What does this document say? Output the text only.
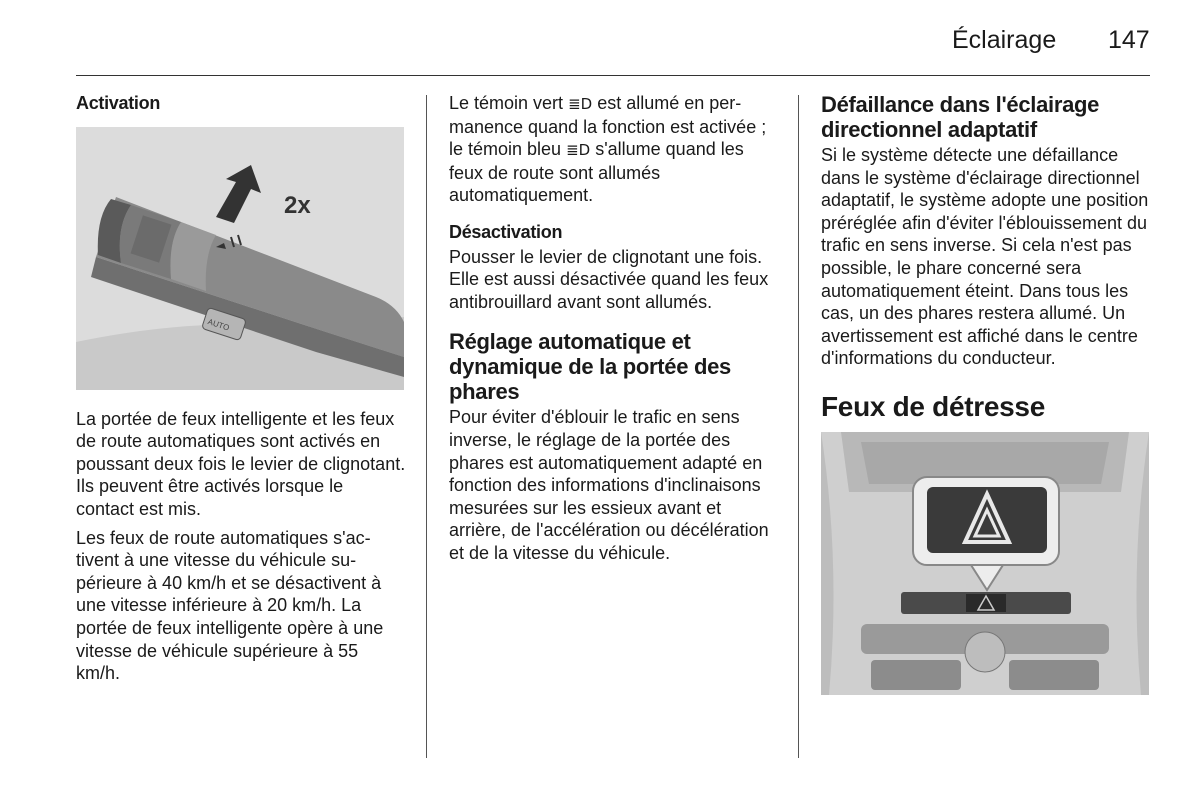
Éclairage 147
Activation
AUTO
2x

La portée de feux intelligente et les feux de route automatiques sont activés en poussant deux fois le levier de clignotant. Ils peuvent être activés lorsque le contact est mis.

Les feux de route automatiques s'activent à une vitesse du véhicule supérieure à 40 km/h et se désactivent à une vitesse inférieure à 20 km/h. La portée de feux intelligente opère à une vitesse de véhicule supérieure à 55 km/h.

Le témoin vert ≣D est allumé en permanence quand la fonction est activée ; le témoin bleu ≣D s'allume quand les feux de route sont allumés automatiquement.

Désactivation

Pousser le levier de clignotant une fois. Elle est aussi désactivée quand les feux antibrouillard avant sont allumés.

Réglage automatique et dynamique de la portée des phares

Pour éviter d'éblouir le trafic en sens inverse, le réglage de la portée des phares est automatiquement adapté en fonction des informations d'inclinaisons mesurées sur les essieux avant et arrière, de l'accélération ou décélération et de la vitesse du véhicule.

Défaillance dans l'éclairage directionnel adaptatif

Si le système détecte une défaillance dans le système d'éclairage directionnel adaptatif, le système adopte une position préréglée afin d'éviter l'éblouissement du trafic en sens inverse. Si cela n'est pas possible, le phare concerné sera automatiquement éteint. Dans tous les cas, un des phares restera allumé. Un avertissement est affiché dans le centre d'informations du conducteur.

Feux de détresse
